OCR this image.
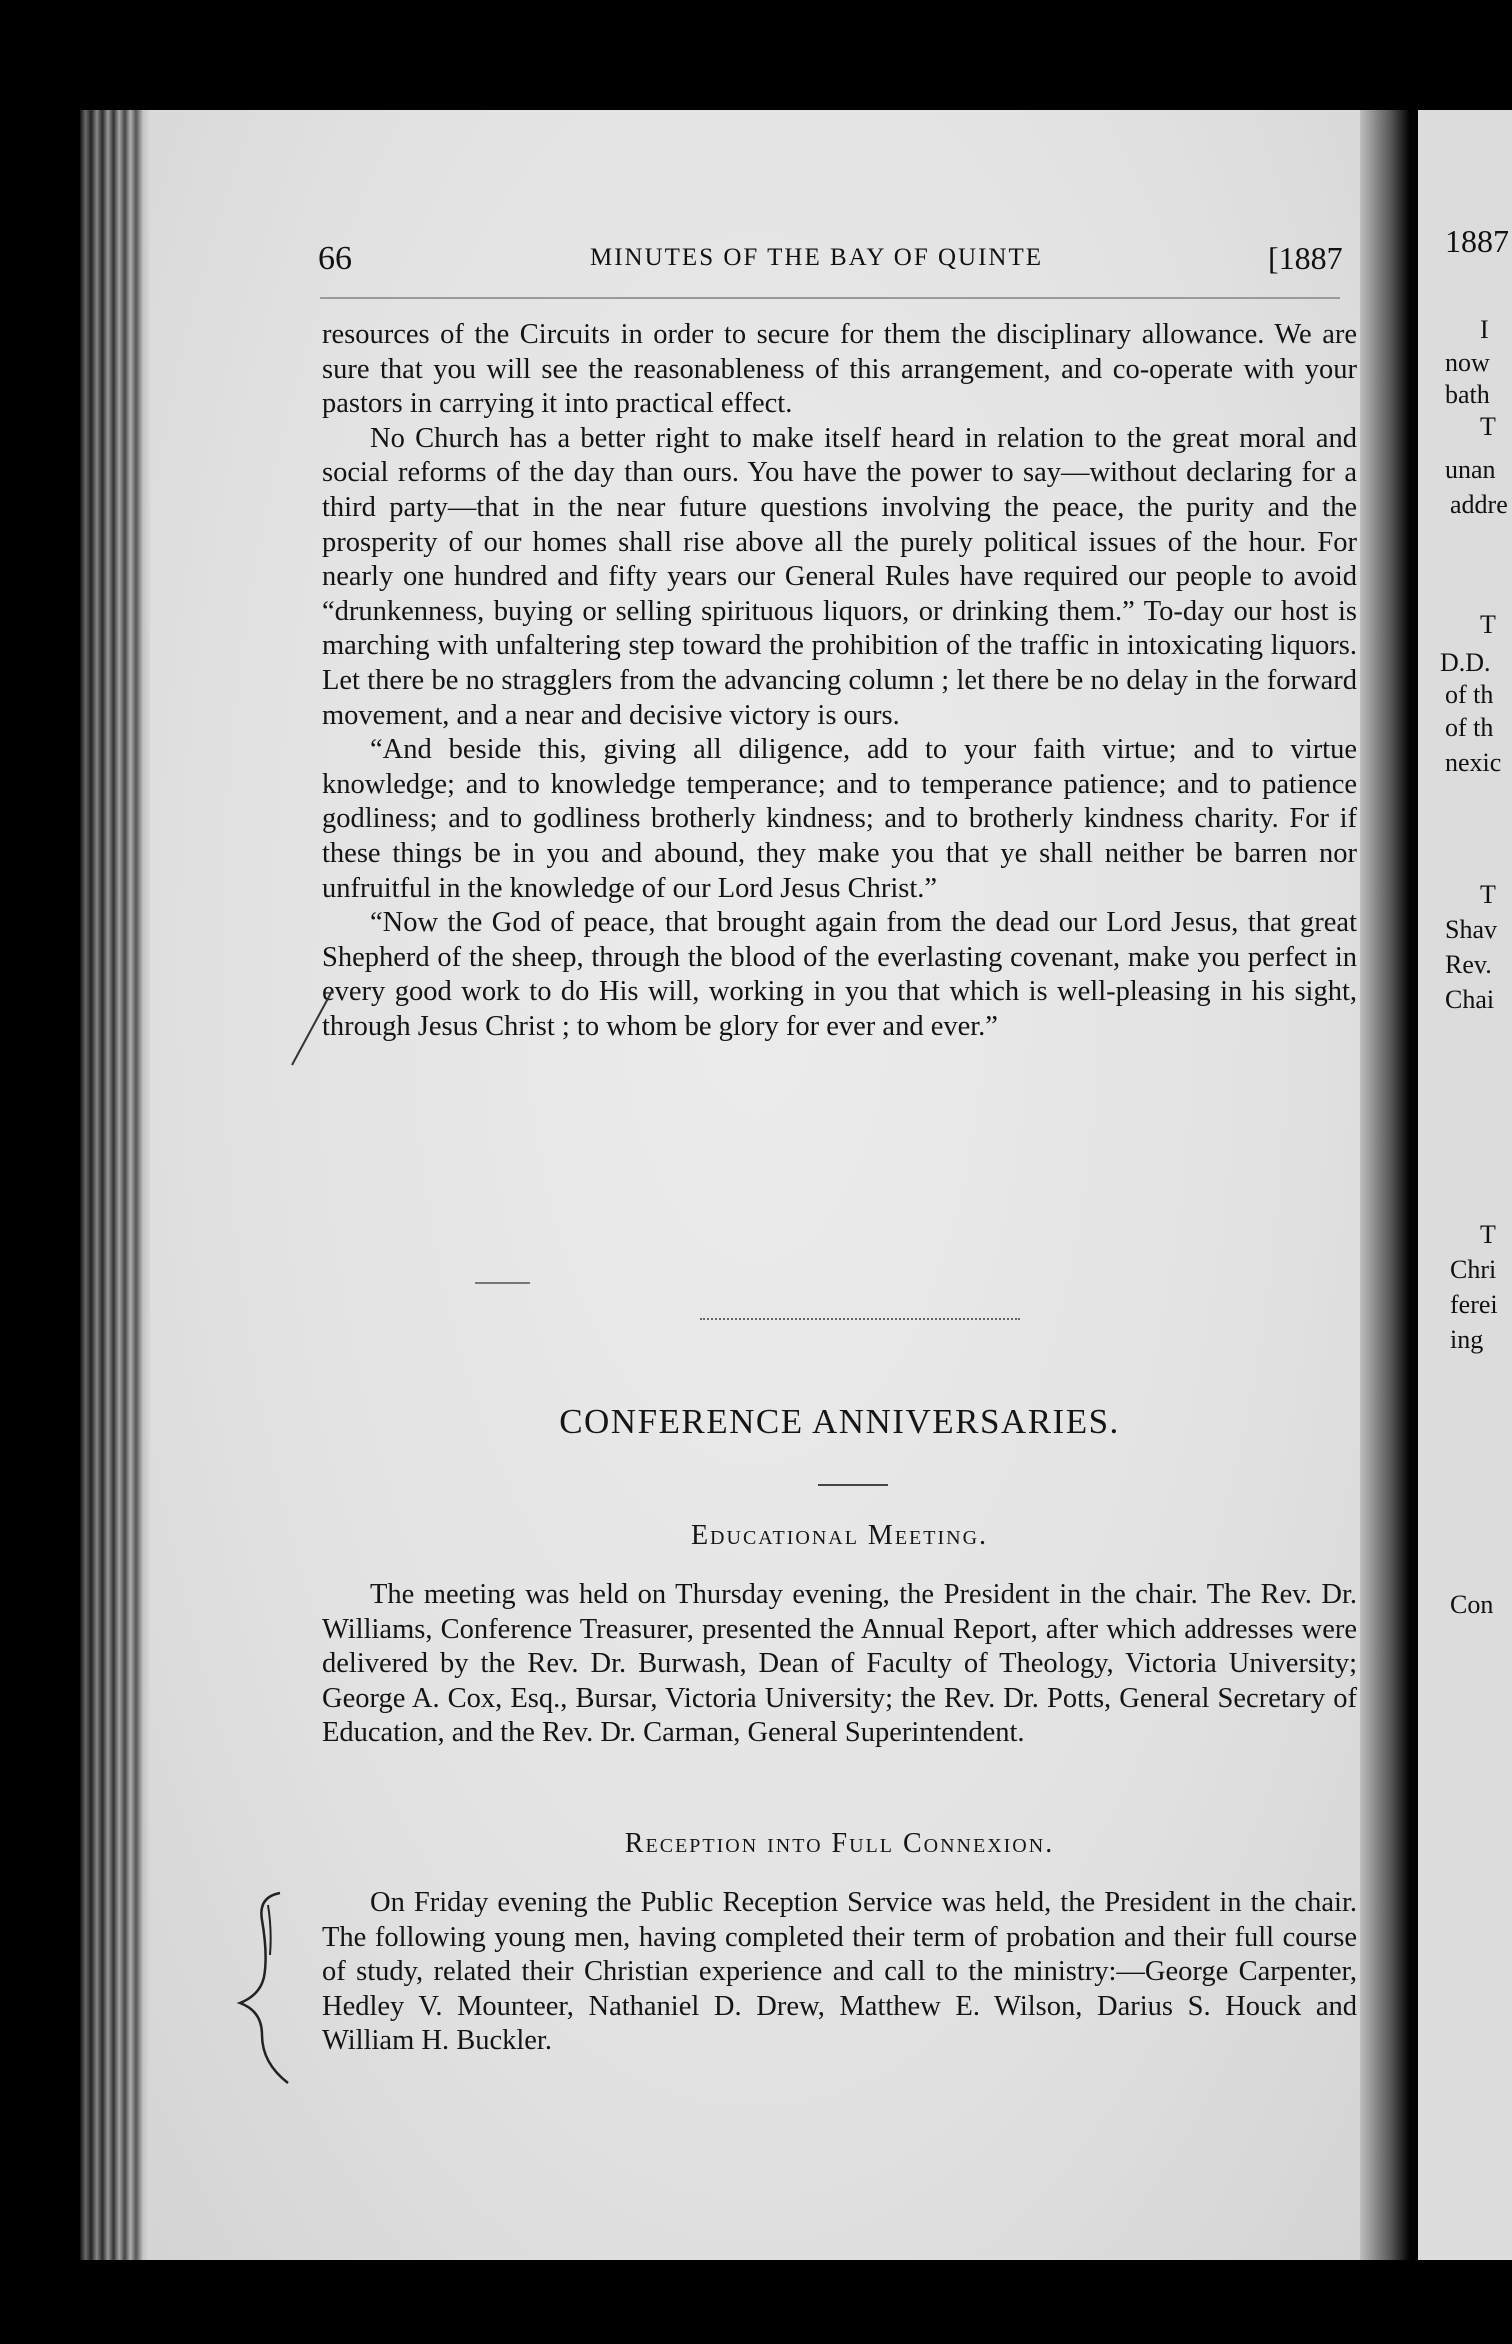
I
now
bath
T
unan
addre
T
D.D.
of th
of th
nexic
T
Shav
Rev.
Chai
T
Chri
ferei
ing
Con
1887
66	MINUTES OF THE BAY OF QUINTE	[1887

resources of the Circuits in order to secure for them the disciplinary allowance. We are sure that you will see the reasonableness of this arrangement, and co-operate with your pastors in carrying it into practical effect.

No Church has a better right to make itself heard in relation to the great moral and social reforms of the day than ours. You have the power to say—without declaring for a third party—that in the near future questions involving the peace, the purity and the prosperity of our homes shall rise above all the purely political issues of the hour. For nearly one hundred and fifty years our General Rules have required our people to avoid “drunkenness, buying or selling spirituous liquors, or drinking them.” To-day our host is marching with unfaltering step toward the prohibition of the traffic in intoxicating liquors. Let there be no stragglers from the advancing column ; let there be no delay in the forward movement, and a near and decisive victory is ours.

“And beside this, giving all diligence, add to your faith virtue; and to virtue knowledge; and to knowledge temperance; and to temperance patience; and to patience godliness; and to godliness brotherly kindness; and to brotherly kindness charity. For if these things be in you and abound, they make you that ye shall neither be barren nor unfruitful in the knowledge of our Lord Jesus Christ.”

“Now the God of peace, that brought again from the dead our Lord Jesus, that great Shepherd of the sheep, through the blood of the everlasting covenant, make you perfect in every good work to do His will, working in you that which is well-pleasing in his sight, through Jesus Christ ; to whom be glory for ever and ever.”

CONFERENCE ANNIVERSARIES.
Educational Meeting.

The meeting was held on Thursday evening, the President in the chair. The Rev. Dr. Williams, Conference Treasurer, presented the Annual Report, after which addresses were delivered by the Rev. Dr. Burwash, Dean of Faculty of Theology, Victoria University; George A. Cox, Esq., Bursar, Victoria University; the Rev. Dr. Potts, General Secretary of Education, and the Rev. Dr. Carman, General Superintendent.

Reception into Full Connexion.

On Friday evening the Public Reception Service was held, the President in the chair. The following young men, having completed their term of probation and their full course of study, related their Christian experience and call to the ministry:—George Carpenter, Hedley V. Mounteer, Nathaniel D. Drew, Matthew E. Wilson, Darius S. Houck and William H. Buckler.
